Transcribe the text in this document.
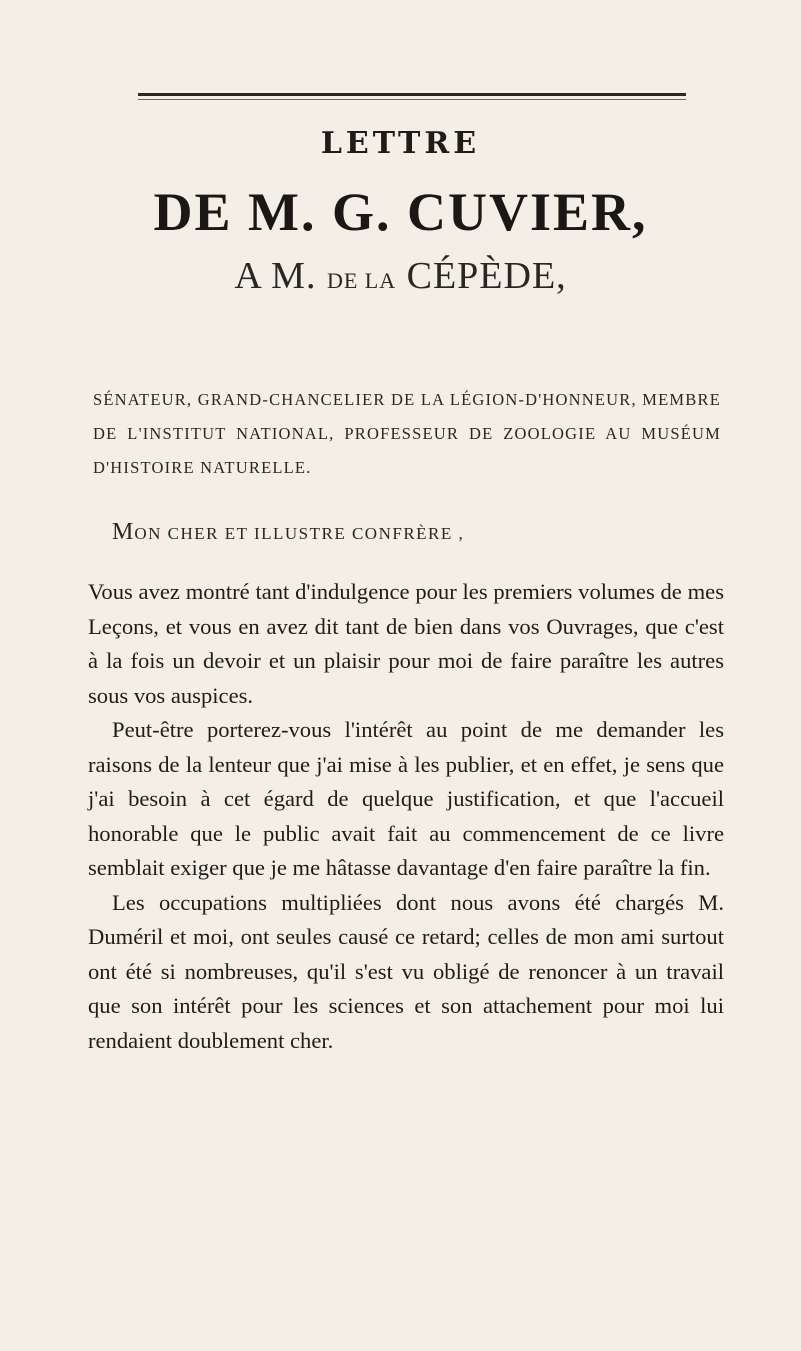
LETTRE
DE M. G. CUVIER,
A M. DE LA CÉPÈDE,
SÉNATEUR, GRAND-CHANCELIER DE LA LÉGION-D'HONNEUR, MEMBRE DE L'INSTITUT NATIONAL, PROFESSEUR DE ZOOLOGIE AU MUSÉUM D'HISTOIRE NATURELLE.
MON CHER ET ILLUSTRE CONFRÈRE ,

Vous avez montré tant d'indulgence pour les premiers volumes de mes Leçons, et vous en avez dit tant de bien dans vos Ouvrages, que c'est à la fois un devoir et un plaisir pour moi de faire paraître les autres sous vos auspices.

Peut-être porterez-vous l'intérêt au point de me demander les raisons de la lenteur que j'ai mise à les publier, et en effet, je sens que j'ai besoin à cet égard de quelque justification, et que l'accueil honorable que le public avait fait au commencement de ce livre semblait exiger que je me hâtasse davantage d'en faire paraître la fin.

Les occupations multipliées dont nous avons été chargés M. Duméril et moi, ont seules causé ce retard; celles de mon ami surtout ont été si nombreuses, qu'il s'est vu obligé de renoncer à un travail que son intérêt pour les sciences et son attachement pour moi lui rendaient doublement cher.
